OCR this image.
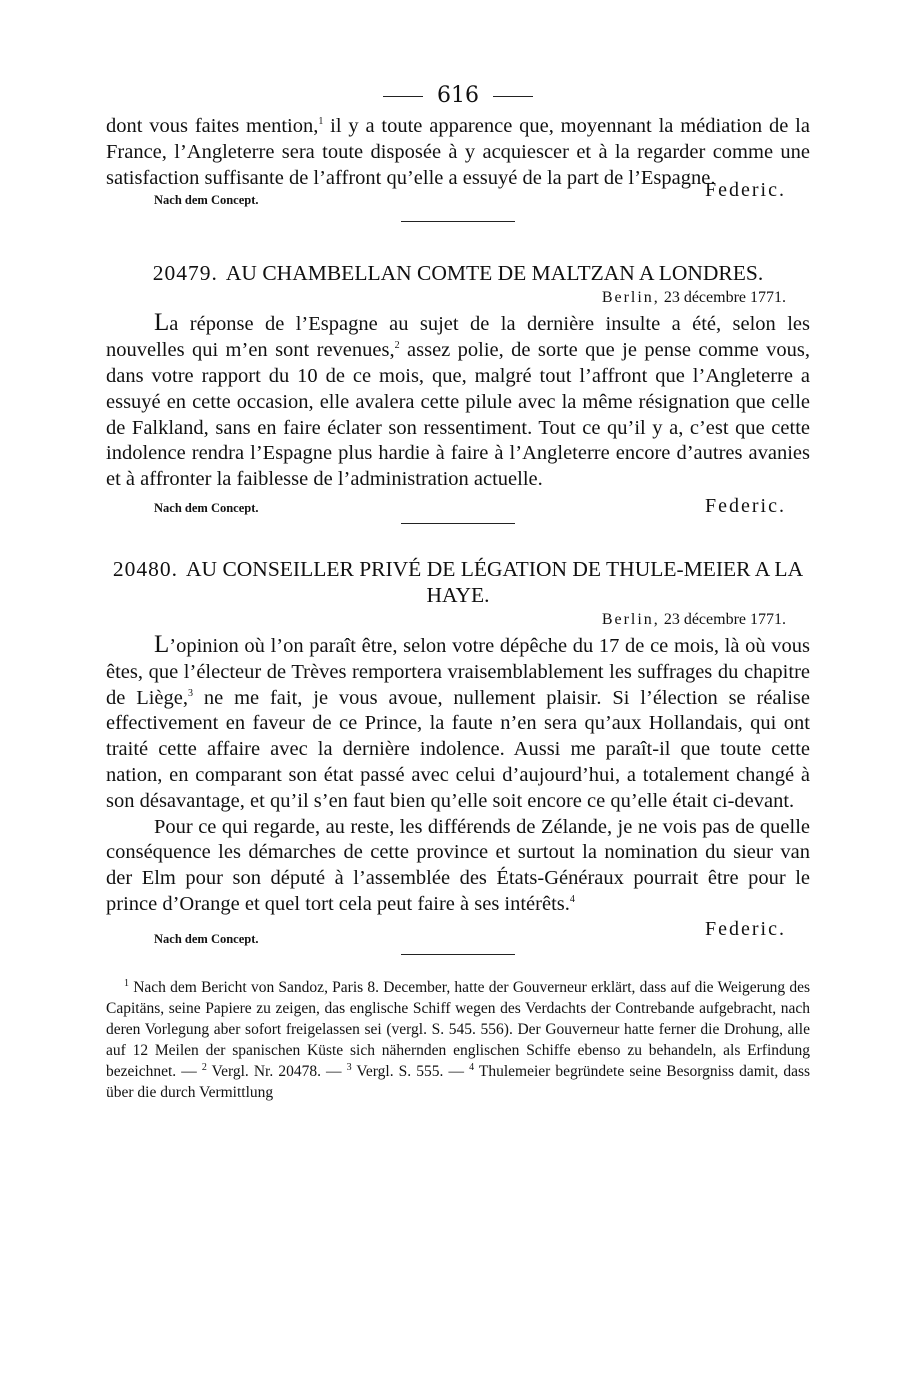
616

dont vous faites mention,$^1$ il y a toute apparence que, moyennant la médiation de la France, l’Angleterre sera toute disposée à y acquiescer et à la regarder comme une satisfaction suffisante de l’affront qu’elle a essuyé de la part de l’Espagne.

Nach dem Concept.	Federic.

20479. AU CHAMBELLAN COMTE DE MALTZAN A LONDRES.

Berlin, 23 décembre 1771.

La réponse de l’Espagne au sujet de la dernière insulte a été, selon les nouvelles qui m’en sont revenues,$^2$ assez polie, de sorte que je pense comme vous, dans votre rapport du 10 de ce mois, que, malgré tout l’affront que l’Angleterre a essuyé en cette occasion, elle avalera cette pilule avec la même résignation que celle de Falkland, sans en faire éclater son ressentiment. Tout ce qu’il y a, c’est que cette indolence rendra l’Espagne plus hardie à faire à l’Angleterre encore d’autres avanies et à affronter la faiblesse de l’administration actuelle.

Nach dem Concept.	Federic.

20480. AU CONSEILLER PRIVÉ DE LÉGATION DE THULE-MEIER A LA HAYE.

Berlin, 23 décembre 1771.

L’opinion où l’on paraît être, selon votre dépêche du 17 de ce mois, là où vous êtes, que l’électeur de Trèves remportera vraisemblablement les suffrages du chapitre de Liège,$^3$ ne me fait, je vous avoue, nullement plaisir. Si l’élection se réalise effectivement en faveur de ce Prince, la faute n’en sera qu’aux Hollandais, qui ont traité cette affaire avec la dernière indolence. Aussi me paraît-il que toute cette nation, en comparant son état passé avec celui d’aujourd’hui, a totalement changé à son désavantage, et qu’il s’en faut bien qu’elle soit encore ce qu’elle était ci-devant.

Pour ce qui regarde, au reste, les différends de Zélande, je ne vois pas de quelle conséquence les démarches de cette province et surtout la nomination du sieur van der Elm pour son député à l’assemblée des États-Généraux pourrait être pour le prince d’Orange et quel tort cela peut faire à ses intérêts.$^4$

Nach dem Concept.	Federic.

$^1$ Nach dem Bericht von Sandoz, Paris 8. December, hatte der Gouverneur erklärt, dass auf die Weigerung des Capitäns, seine Papiere zu zeigen, das englische Schiff wegen des Verdachts der Contrebande aufgebracht, nach deren Vorlegung aber sofort freigelassen sei (vergl. S. 545. 556). Der Gouverneur hatte ferner die Drohung, alle auf 12 Meilen der spanischen Küste sich nähernden englischen Schiffe ebenso zu behandeln, als Erfindung bezeichnet. — $^2$ Vergl. Nr. 20478. — $^3$ Vergl. S. 555. — $^4$ Thulemeier begründete seine Besorgniss damit, dass über die durch Vermittlung
